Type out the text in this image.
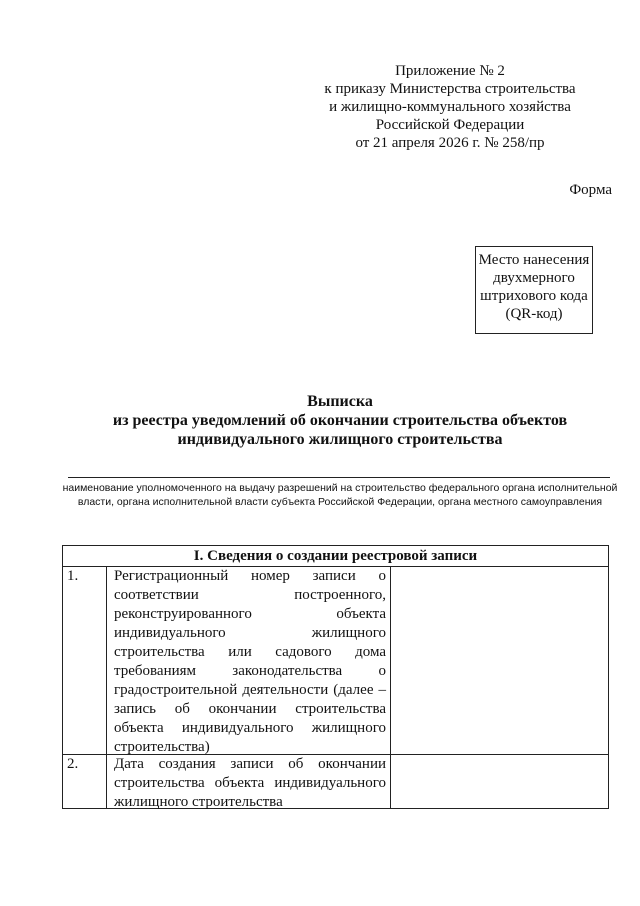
Приложение № 2
к приказу Министерства строительства
и жилищно-коммунального хозяйства
Российской Федерации
от 21 апреля 2026 г. № 258/пр
Форма
Место нанесения
двухмерного
штрихового кода
(QR-код)
Выписка
из реестра уведомлений об окончании строительства объектов
индивидуального жилищного строительства
наименование уполномоченного на выдачу разрешений на строительство федерального органа исполнительной власти, органа исполнительной власти субъекта Российской Федерации, органа местного самоуправления
I. Сведения о создании реестровой записи
1.	Регистрационный номер записи о соответствии построенного, реконструированного объекта индивидуального жилищного строительства или садового дома требованиям законодательства о градостроительной деятельности (далее – запись об окончании строительства объекта индивидуального жилищного строительства)
2.	Дата создания записи об окончании строительства объекта индивидуального жилищного строительства
